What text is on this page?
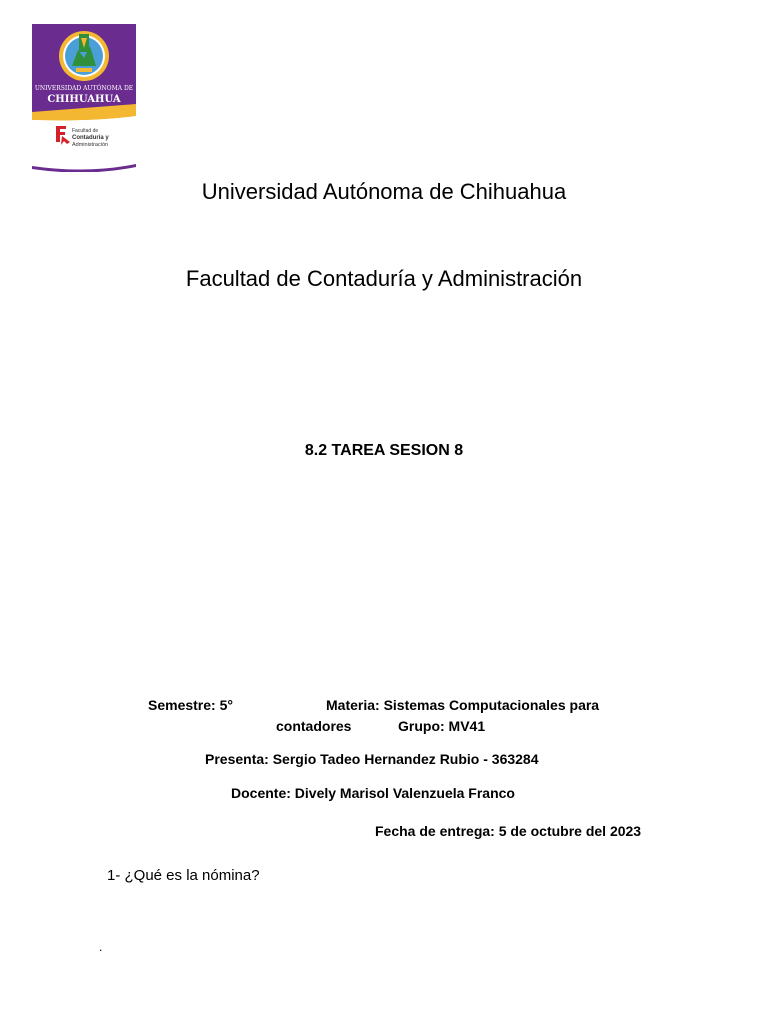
UNIVERSIDAD AUTÓNOMA DE
CHIHUAHUA
Facultad de
Contaduría y
Administración
Universidad Autónoma de Chihuahua
Facultad de Contaduría y Administración
8.2 TAREA SESION 8
Semestre: 5°	Materia: Sistemas Computacionales para
contadores	Grupo: MV41
Presenta: Sergio Tadeo Hernandez Rubio - 363284
Docente: Dively Marisol Valenzuela Franco
Fecha de entrega: 5 de octubre del 2023
1- ¿Qué es la nómina?
.
